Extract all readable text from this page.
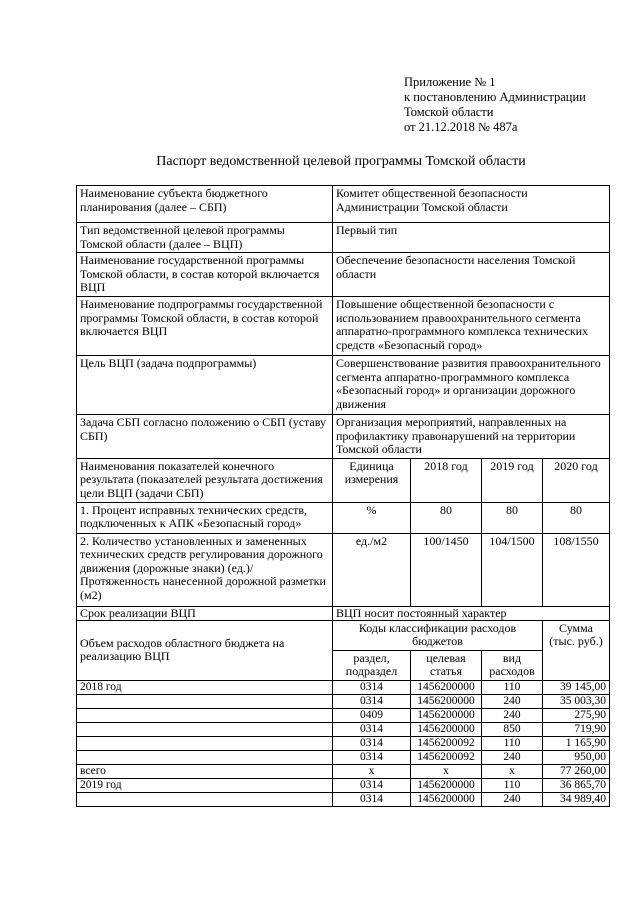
Приложение № 1
к постановлению Администрации
Томской области
от 21.12.2018 № 487а
Паспорт ведомственной целевой программы Томской области
Наименование субъекта бюджетного планирования (далее – СБП)	Комитет общественной безопасности Администрации Томской области			
Тип ведомственной целевой программы Томской области (далее – ВЦП)	Первый тип			
Наименование государственной программы Томской области, в состав которой включается ВЦП	Обеспечение безопасности населения Томской области			
Наименование подпрограммы государственной программы Томской области, в состав которой включается ВЦП	Повышение общественной безопасности с использованием правоохранительного сегмента аппаратно-программного комплекса технических средств «Безопасный город»			
Цель ВЦП (задача подпрограммы)	Совершенствование развития правоохранительного сегмента аппаратно-программного комплекса «Безопасный город» и организации дорожного движения			
Задача СБП согласно положению о СБП (уставу СБП)	Организация мероприятий, направленных на профилактику правонарушений на территории Томской области			
Наименования показателей конечного результата (показателей результата достижения цели ВЦП (задачи СБП)	Единица измерения	2018 год	2019 год	2020 год
1. Процент исправных технических средств, подключенных к АПК «Безопасный город»	%	80	80	80
2. Количество установленных и замененных технических средств регулирования дорожного движения (дорожные знаки) (ед.)/Протяженность нанесенной дорожной разметки (м2)	ед./м2	100/1450	104/1500	108/1550
Срок реализации ВЦП	ВЦП носит постоянный характер			
Объем расходов областного бюджета на реализацию ВЦП	Коды классификации расходов бюджетов			Сумма (тыс. руб.)
	раздел, подраздел	целевая статья	вид расходов	
2018 год	0314	1456200000	110	39 145,00
	0314	1456200000	240	35 003,30
	0409	1456200000	240	275,90
	0314	1456200000	850	719,90
	0314	1456200092	110	1 165,90
	0314	1456200092	240	950,00
всего	х	х	х	77 260,00
2019 год	0314	1456200000	110	36 865,70
	0314	1456200000	240	34 989,40
